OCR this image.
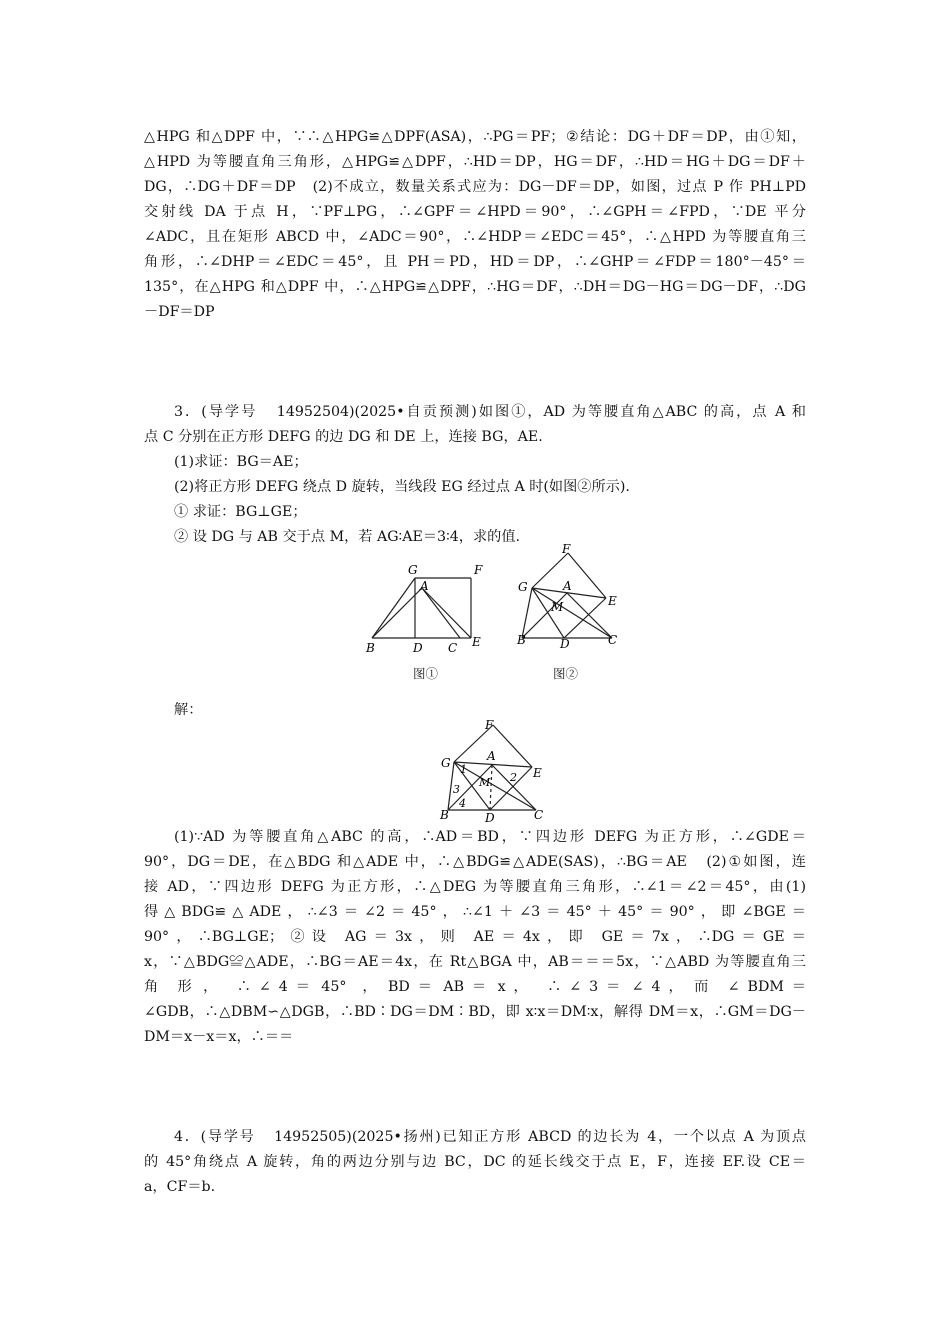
△HPG 和△DPF 中，∵∴△HPG≌△DPF(ASA)，∴PG＝PF；②结论：DG＋DF＝DP，由①知，
△HPD 为等腰直角三角形，△HPG≌△DPF，∴HD＝DP，HG＝DF，∴HD＝HG＋DG＝DF＋
DG，∴DG＋DF＝DP   (2)不成立，数量关系式应为：DG－DF＝DP，如图，过点 P 作 PH⊥PD
交射线 DA 于点 H，∵PF⊥PG，∴∠GPF＝∠HPD＝90°，∴∠GPH＝∠FPD，∵DE 平分
∠ADC，且在矩形 ABCD 中，∠ADC＝90°，∴∠HDP＝∠EDC＝45°，∴△HPD 为等腰直角三
角形，∴∠DHP＝∠EDC＝45°，且 PH＝PD，HD＝DP，∴∠GHP＝∠FDP＝180°－45°＝
135°，在△HPG 和△DPF 中，∴△HPG≌△DPF，∴HG＝DF，∴DH＝DG－HG＝DG－DF，∴DG
－DF＝DP
3．(导学号   14952504)(2025•自贡预测)如图①，AD 为等腰直角△ABC 的高，点 A 和
点 C 分别在正方形 DEFG 的边 DG 和 DE 上，连接 BG，AE.
(1)求证：BG＝AE；
(2)将正方形 DEFG 绕点 D 旋转，当线段 EG 经过点 A 时(如图②所示).
① 求证：BG⊥GE；
② 设 DG 与 AB 交于点 M，若 AG∶AE＝3∶4，求的值.
G	F
A
B	D C E
图①
F
G	A
M	E
B	D	C
图②
解：
F
G	A
E
B	D	C
1
2
3
4
M
(1)∵AD 为等腰直角△ABC 的高，∴AD＝BD，∵四边形 DEFG 为正方形，∴∠GDE＝
90°，DG＝DE，在△BDG 和△ADE 中，∴△BDG≌△ADE(SAS)，∴BG＝AE   (2)①如图，连
接 AD，∵四边形 DEFG 为正方形，∴△DEG 为等腰直角三角形，∴∠1＝∠2＝45°，由(1)
得△BDG≌△ADE，∴∠3＝∠2＝45°，∴∠1＋∠3＝45°＋45°＝90°，即∠BGE＝
90°，∴BG⊥GE；②设 AG＝3x，则 AE＝4x，即 GE＝7x，∴DG＝GE＝
x，∵△BDG≌△ADE，∴BG＝AE＝4x，在 Rt△BGA 中，AB＝＝＝5x，∵△ABD 为等腰直角三
角  形 ，  ∴ ∠ 4 ＝ 45°  ， BD ＝ AB ＝ x ，  ∴ ∠ 3 ＝ ∠ 4 ， 而  ∠ BDM ＝
∠GDB，∴△DBM∽△DGB，∴BD∶DG＝DM∶BD，即 x∶x＝DM∶x，解得 DM＝x，∴GM＝DG－
DM＝x－x＝x，∴＝＝
4．(导学号   14952505)(2025•扬州)已知正方形 ABCD 的边长为 4，一个以点 A 为顶点
的 45°角绕点 A 旋转，角的两边分别与边 BC，DC 的延长线交于点 E，F，连接 EF.设 CE＝
a，CF＝b.
